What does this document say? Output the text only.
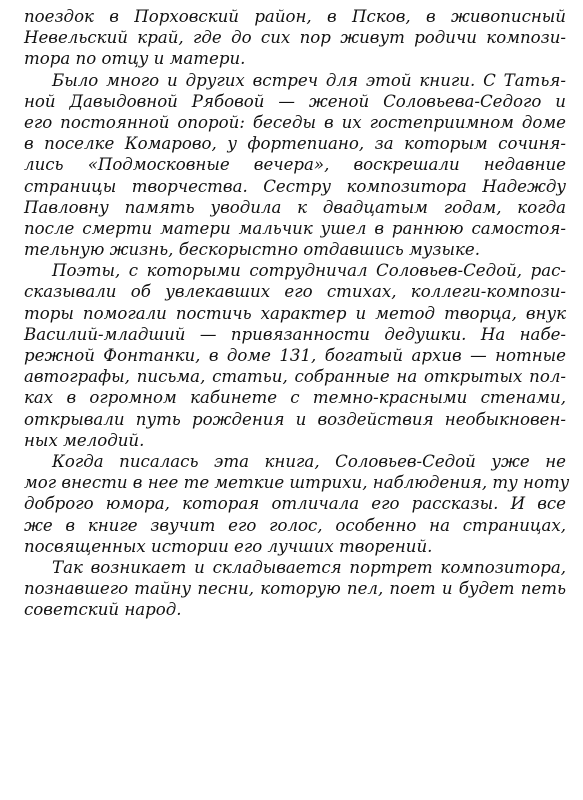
поездок в Порховский район, в Псков, в живописный
Невельский край, где до сих пор живут родичи компози-
тора по отцу и матери.
Было много и других встреч для этой книги. С Татья-
ной Давыдовной Рябовой — женой Соловьева-Седого и
его постоянной опорой: беседы в их гостеприимном доме
в поселке Комарово, у фортепиано, за которым сочиня-
лись «Подмосковные вечера», воскрешали недавние
страницы творчества. Сестру композитора Надежду
Павловну память уводила к двадцатым годам, когда
после смерти матери мальчик ушел в раннюю самостоя-
тельную жизнь, бескорыстно отдавшись музыке.
Поэты, с которыми сотрудничал Соловьев-Седой, рас-
сказывали об увлекавших его стихах, коллеги-компози-
торы помогали постичь характер и метод творца, внук
Василий-младший — привязанности дедушки. На набе-
режной Фонтанки, в доме 131, богатый архив — нотные
автографы, письма, статьи, собранные на открытых пол-
ках в огромном кабинете с темно-красными стенами,
открывали путь рождения и воздействия необыкновен-
ных мелодий.
Когда писалась эта книга, Соловьев-Седой уже не
мог внести в нее те меткие штрихи, наблюдения, ту ноту
доброго юмора, которая отличала его рассказы. И все
же в книге звучит его голос, особенно на страницах,
посвященных истории его лучших творений.
Так возникает и складывается портрет композитора,
познавшего тайну песни, которую пел, поет и будет петь
советский народ.
